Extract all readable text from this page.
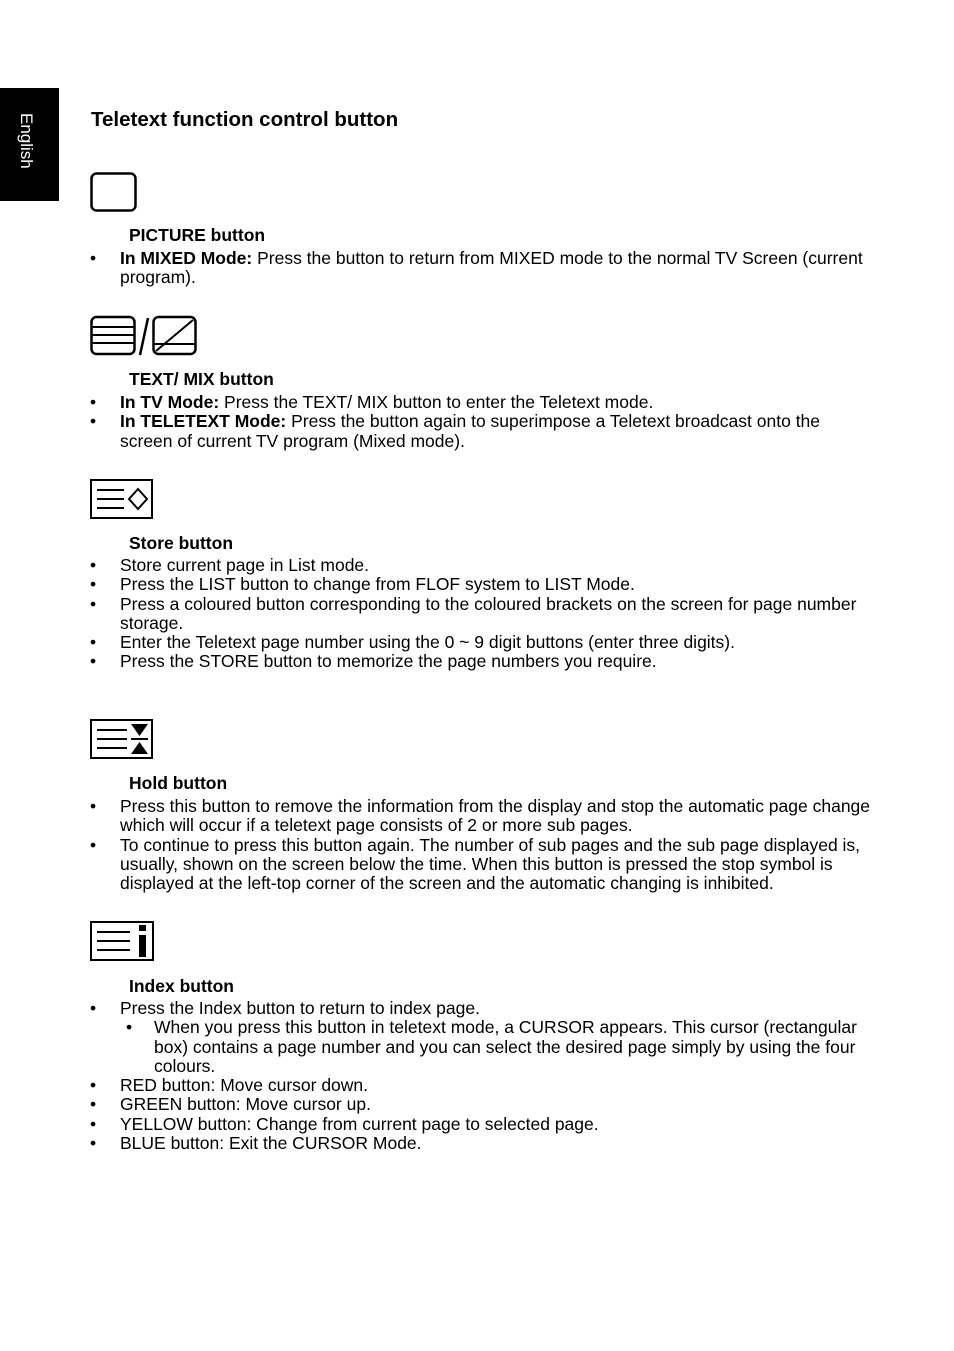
English	Teletext function control button
PICTURE button
• In MIXED Mode: Press the button to return from MIXED mode to the normal TV Screen (current program).
TEXT/ MIX button
• In TV Mode: Press the TEXT/ MIX button to enter the Teletext mode.
• In TELETEXT Mode: Press the button again to superimpose a Teletext broadcast onto the screen of current TV program (Mixed mode).
Store button
• Store current page in List mode.
• Press the LIST button to change from FLOF system to LIST Mode.
• Press a coloured button corresponding to the coloured brackets on the screen for page number storage.
• Enter the Teletext page number using the 0 ~ 9 digit buttons (enter three digits).
• Press the STORE button to memorize the page numbers you require.
Hold button
• Press this button to remove the information from the display and stop the automatic page change which will occur if a teletext page consists of 2 or more sub pages.
• To continue to press this button again. The number of sub pages and the sub page displayed is, usually, shown on the screen below the time. When this button is pressed the stop symbol is displayed at the left-top corner of the screen and the automatic changing is inhibited.
Index button
• Press the Index button to return to index page.
• When you press this button in teletext mode, a CURSOR appears. This cursor (rectangular box) contains a page number and you can select the desired page simply by using the four colours.
• RED button: Move cursor down.
• GREEN button: Move cursor up.
• YELLOW button: Change from current page to selected page.
• BLUE button: Exit the CURSOR Mode.
